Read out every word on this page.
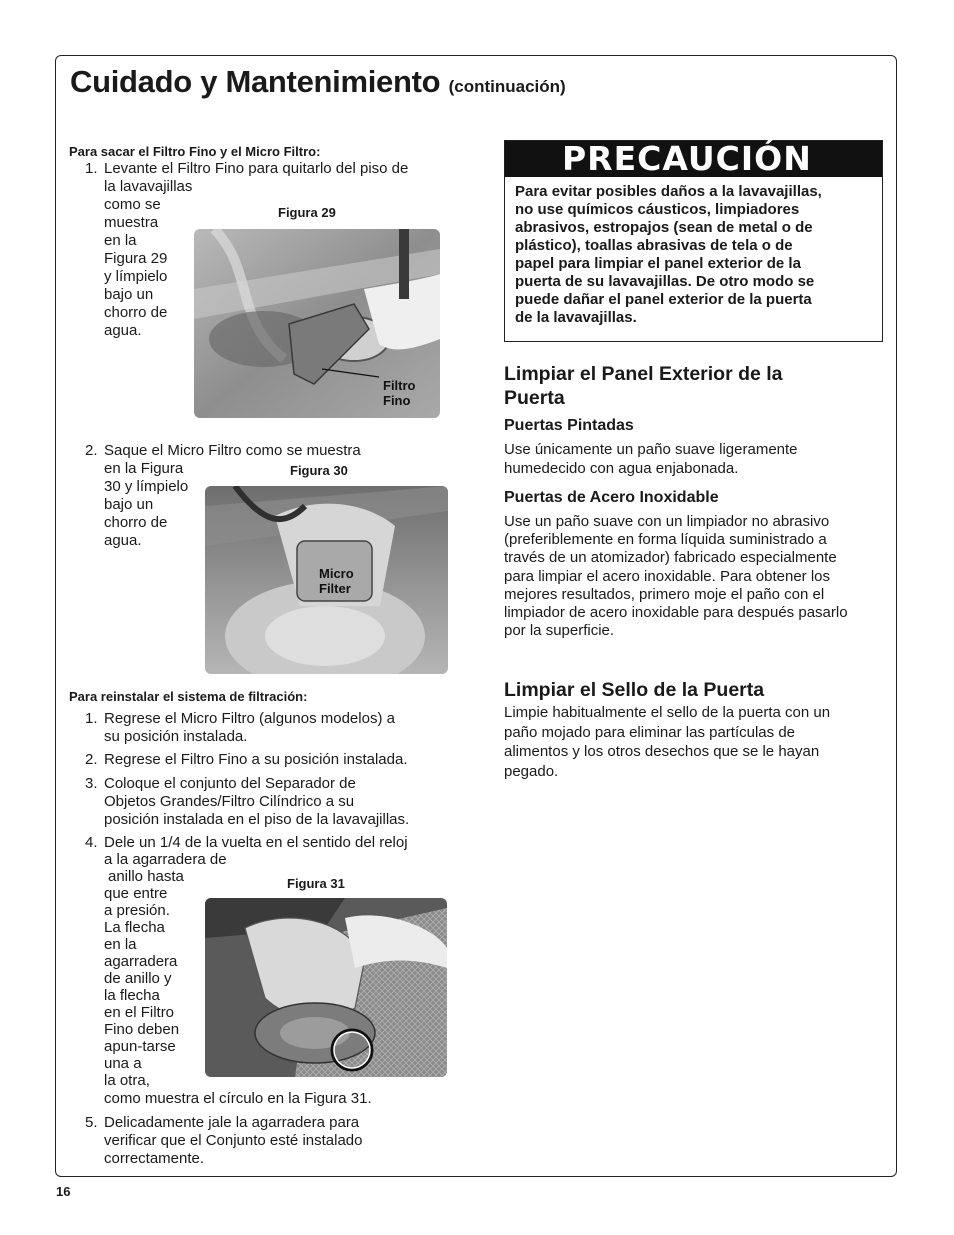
Cuidado y Mantenimiento (continuación)
Para sacar el Filtro Fino y el Micro Filtro:
1. Levante el Filtro Fino para quitarlo del piso de
la lavavajillas
como se
muestra
en la
Figura 29
y límpielo
bajo un
chorro de
agua.
Figura 29
Filtro
Fino
2. Saque el Micro Filtro como se muestra
en la Figura
30 y límpielo
bajo un
chorro de
agua.
Figura 30
Micro
Filter
Para reinstalar el sistema de filtración:
1. Regrese el Micro Filtro (algunos modelos) a
su posición instalada.
2. Regrese el Filtro Fino a su posición instalada.
3. Coloque el conjunto del Separador de
Objetos Grandes/Filtro Cilíndrico a su
posición instalada en el piso de la lavavajillas.
4. Dele un 1/4 de la vuelta en el sentido del reloj
a la agarradera de
anillo hasta
que entre
a presión.
La flecha
en la
agarradera
de anillo y
la flecha
en el Filtro
Fino deben
apun-tarse
una a
la otra,
como muestra el círculo en la Figura 31.
Figura 31
5. Delicadamente jale la agarradera para
verificar que el Conjunto esté instalado
correctamente.
PRECAUCIÓN
Para evitar posibles daños a la lavavajillas,
no use químicos cáusticos, limpiadores
abrasivos, estropajos (sean de metal o de
plástico), toallas abrasivas de tela o de
papel para limpiar el panel exterior de la
puerta de su lavavajillas. De otro modo se
puede dañar el panel exterior de la puerta
de la lavavajillas.
Limpiar el Panel Exterior de la
Puerta
Puertas Pintadas
Use únicamente un paño suave ligeramente
humedecido con agua enjabonada.
Puertas de Acero Inoxidable
Use un paño suave con un limpiador no abrasivo
(preferiblemente en forma líquida suministrado a
través de un atomizador) fabricado especialmente
para limpiar el acero inoxidable. Para obtener los
mejores resultados, primero moje el paño con el
limpiador de acero inoxidable para después pasarlo
por la superficie.
Limpiar el Sello de la Puerta
Limpie habitualmente el sello de la puerta con un
paño mojado para eliminar las partículas de
alimentos y los otros desechos que se le hayan
pegado.
16
